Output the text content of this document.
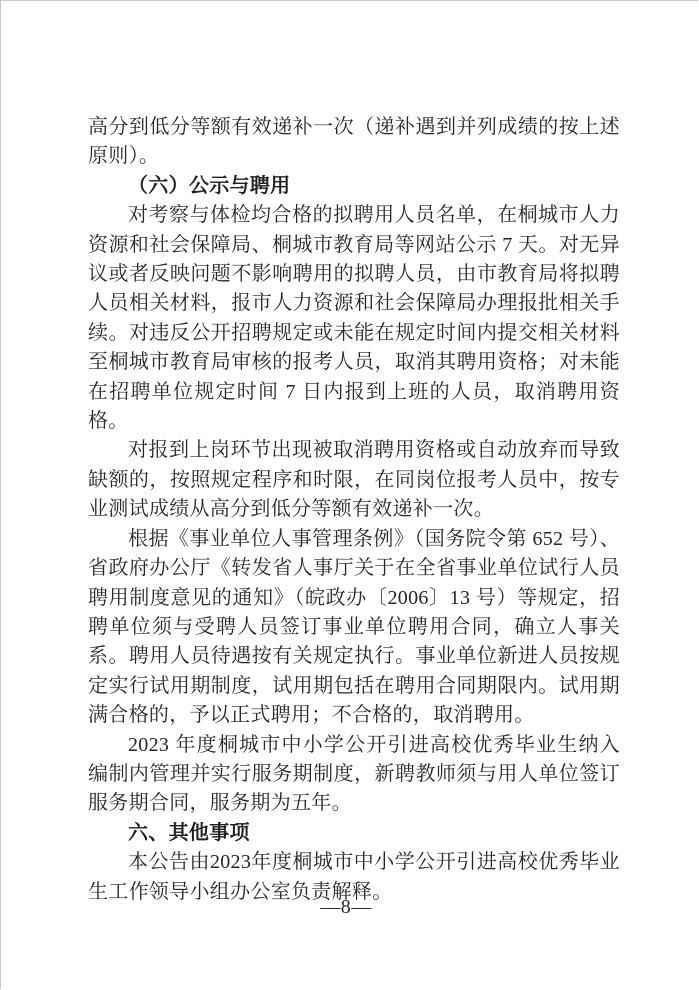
高分到低分等额有效递补一次（递补遇到并列成绩的按上述原则）。

（六）公示与聘用

对考察与体检均合格的拟聘用人员名单，在桐城市人力资源和社会保障局、桐城市教育局等网站公示 7 天。对无异议或者反映问题不影响聘用的拟聘人员，由市教育局将拟聘人员相关材料，报市人力资源和社会保障局办理报批相关手续。对违反公开招聘规定或未能在规定时间内提交相关材料至桐城市教育局审核的报考人员，取消其聘用资格；对未能在招聘单位规定时间 7 日内报到上班的人员，取消聘用资格。

对报到上岗环节出现被取消聘用资格或自动放弃而导致缺额的，按照规定程序和时限，在同岗位报考人员中，按专业测试成绩从高分到低分等额有效递补一次。

根据《事业单位人事管理条例》（国务院令第 652 号）、省政府办公厅《转发省人事厅关于在全省事业单位试行人员聘用制度意见的通知》（皖政办〔2006〕13 号）等规定，招聘单位须与受聘人员签订事业单位聘用合同，确立人事关系。聘用人员待遇按有关规定执行。事业单位新进人员按规定实行试用期制度，试用期包括在聘用合同期限内。试用期满合格的，予以正式聘用；不合格的，取消聘用。

2023 年度桐城市中小学公开引进高校优秀毕业生纳入编制内管理并实行服务期制度，新聘教师须与用人单位签订服务期合同，服务期为五年。

六、其他事项

本公告由2023年度桐城市中小学公开引进高校优秀毕业生工作领导小组办公室负责解释。

—8—
